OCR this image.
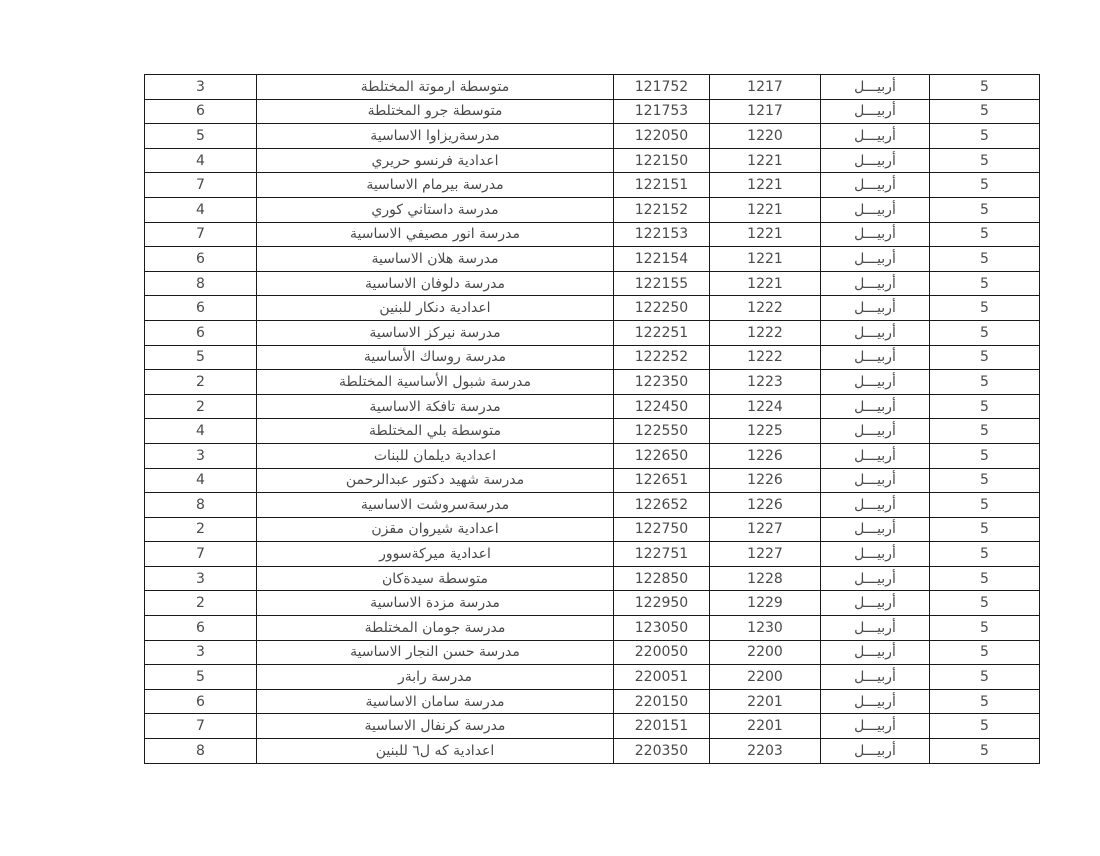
3	متوسطة ارموتة المختلطة	121752	1217	أربيـــل	5
6	متوسطة جرو المختلطة	121753	1217	أربيـــل	5
5	مدرسةريزاوا الاساسية	122050	1220	أربيـــل	5
4	اعدادية فرنسو حريري	122150	1221	أربيـــل	5
7	مدرسة بيرمام الاساسية	122151	1221	أربيـــل	5
4	مدرسة داستاني كوري	122152	1221	أربيـــل	5
7	مدرسة انور مصيفي الاساسية	122153	1221	أربيـــل	5
6	مدرسة هلان الاساسية	122154	1221	أربيـــل	5
8	مدرسة دلوفان الاساسية	122155	1221	أربيـــل	5
6	اعدادية دنكار للبنين	122250	1222	أربيـــل	5
6	مدرسة نيركز الاساسية	122251	1222	أربيـــل	5
5	مدرسة روساك الأساسية	122252	1222	أربيـــل	5
2	مدرسة شبول الأساسية المختلطة	122350	1223	أربيـــل	5
2	مدرسة تافكة الاساسية	122450	1224	أربيـــل	5
4	متوسطة بلي المختلطة	122550	1225	أربيـــل	5
3	اعدادية ديلمان للبنات	122650	1226	أربيـــل	5
4	مدرسة شهيد دكتور عبدالرحمن	122651	1226	أربيـــل	5
8	مدرسةسروشت الاساسية	122652	1226	أربيـــل	5
2	اعدادية شيروان مقزن	122750	1227	أربيـــل	5
7	اعدادية ميركةسوور	122751	1227	أربيـــل	5
3	متوسطة سيدةكان	122850	1228	أربيـــل	5
2	مدرسة مزدة الاساسية	122950	1229	أربيـــل	5
6	مدرسة جومان المختلطة	123050	1230	أربيـــل	5
3	مدرسة حسن النجار الاساسية	220050	2200	أربيـــل	5
5	مدرسة رابةر	220051	2200	أربيـــل	5
6	مدرسة سامان الاساسية	220150	2201	أربيـــل	5
7	مدرسة كرنفال الاساسية	220151	2201	أربيـــل	5
8	اعدادية كه ل٦ للبنين	220350	2203	أربيـــل	5
